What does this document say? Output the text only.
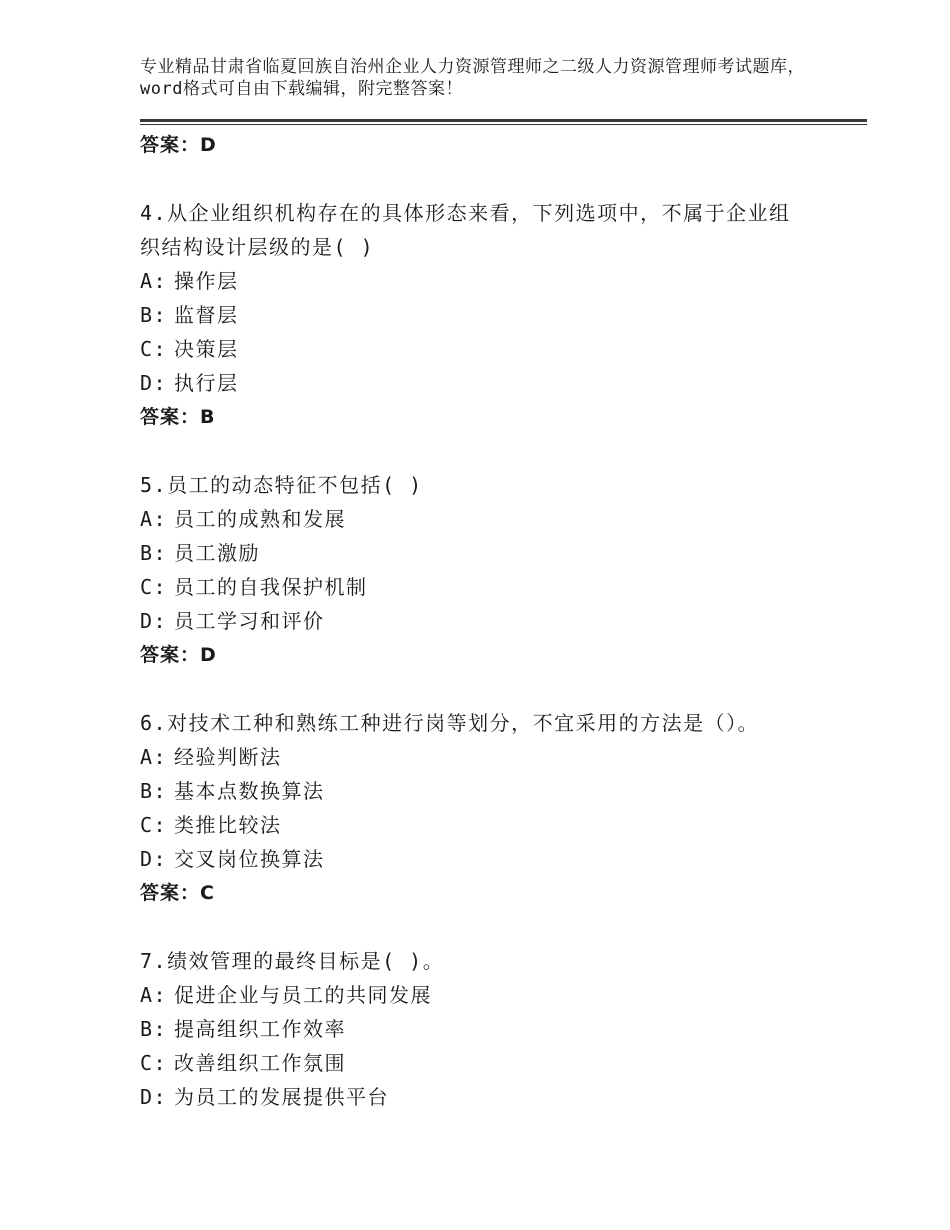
专业精品甘肃省临夏回族自治州企业人力资源管理师之二级人力资源管理师考试题库，word格式可自由下载编辑，附完整答案！
答案：D
4.从企业组织机构存在的具体形态来看，下列选项中，不属于企业组织结构设计层级的是( )
A: 操作层
B: 监督层
C: 决策层
D: 执行层
答案：B
5.员工的动态特征不包括( )
A: 员工的成熟和发展
B: 员工激励
C: 员工的自我保护机制
D: 员工学习和评价
答案：D
6.对技术工种和熟练工种进行岗等划分，不宜采用的方法是（）。
A: 经验判断法
B: 基本点数换算法
C: 类推比较法
D: 交叉岗位换算法
答案：C
7.绩效管理的最终目标是( )。
A: 促进企业与员工的共同发展
B: 提高组织工作效率
C: 改善组织工作氛围
D: 为员工的发展提供平台
